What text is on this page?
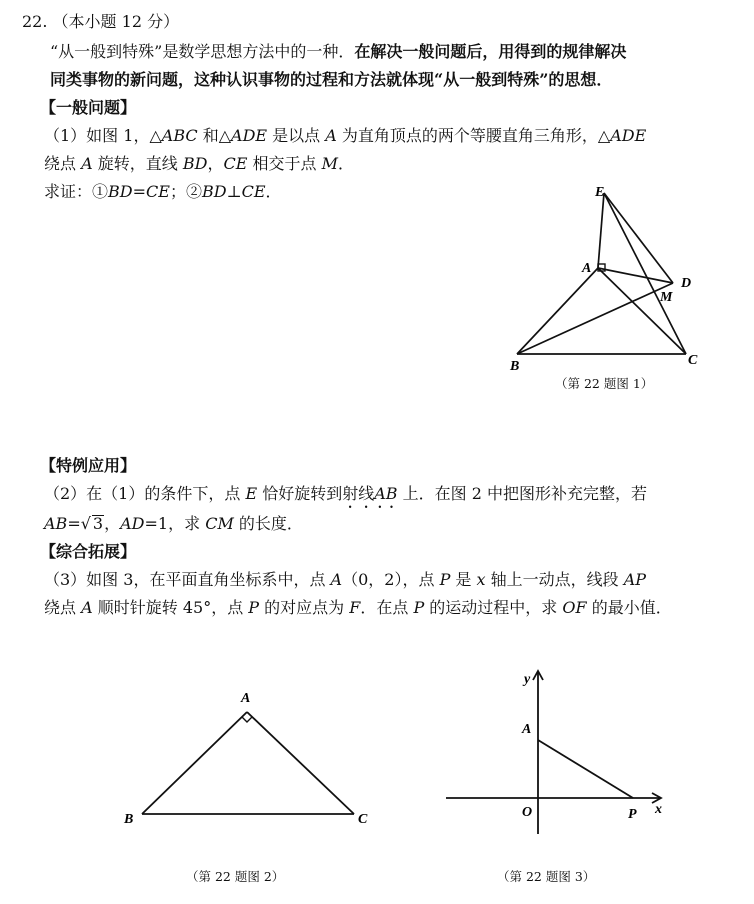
22. （本小题 12 分）
“从一般到特殊”是数学思想方法中的一种．在解决一般问题后，用得到的规律解决
同类事物的新问题，这种认识事物的过程和方法就体现“从一般到特殊”的思想．
【一般问题】
（1）如图 1，△ABC 和△ADE 是以点 A 为直角顶点的两个等腰直角三角形，△ADE
绕点 A 旋转，直线 BD，CE 相交于点 M．
求证：①BD=CE；②BD⊥CE．	E
A
D
M
B	C
（第 22 题图 1）
【特例应用】
（2）在（1）的条件下，点 E 恰好旋转到射线AB 上．在图 2 中把图形补充完整，若
AB=√ 3，AD=1，求 CM 的长度．
【综合拓展】
（3）如图 3，在平面直角坐标系中，点 A（0，2），点 P 是 x 轴上一动点，线段 AP
绕点 A 顺时针旋转 45°，点 P 的对应点为 F．在点 P 的运动过程中，求 OF 的最小值．
A
B	C
（第 22 题图 2）
y
A
O	P x
（第 22 题图 3）
